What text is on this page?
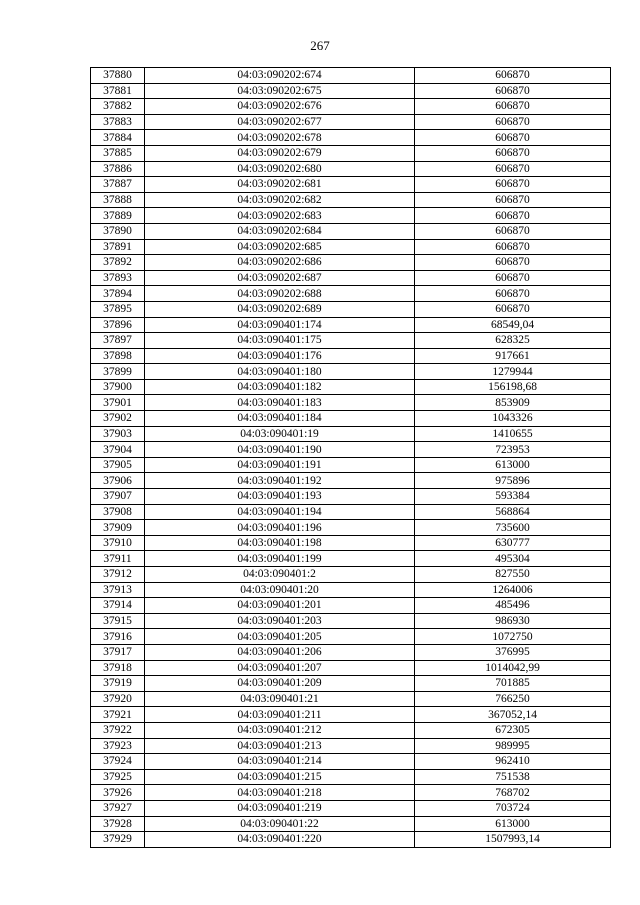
267
37880	04:03:090202:674	606870
37881	04:03:090202:675	606870
37882	04:03:090202:676	606870
37883	04:03:090202:677	606870
37884	04:03:090202:678	606870
37885	04:03:090202:679	606870
37886	04:03:090202:680	606870
37887	04:03:090202:681	606870
37888	04:03:090202:682	606870
37889	04:03:090202:683	606870
37890	04:03:090202:684	606870
37891	04:03:090202:685	606870
37892	04:03:090202:686	606870
37893	04:03:090202:687	606870
37894	04:03:090202:688	606870
37895	04:03:090202:689	606870
37896	04:03:090401:174	68549,04
37897	04:03:090401:175	628325
37898	04:03:090401:176	917661
37899	04:03:090401:180	1279944
37900	04:03:090401:182	156198,68
37901	04:03:090401:183	853909
37902	04:03:090401:184	1043326
37903	04:03:090401:19	1410655
37904	04:03:090401:190	723953
37905	04:03:090401:191	613000
37906	04:03:090401:192	975896
37907	04:03:090401:193	593384
37908	04:03:090401:194	568864
37909	04:03:090401:196	735600
37910	04:03:090401:198	630777
37911	04:03:090401:199	495304
37912	04:03:090401:2	827550
37913	04:03:090401:20	1264006
37914	04:03:090401:201	485496
37915	04:03:090401:203	986930
37916	04:03:090401:205	1072750
37917	04:03:090401:206	376995
37918	04:03:090401:207	1014042,99
37919	04:03:090401:209	701885
37920	04:03:090401:21	766250
37921	04:03:090401:211	367052,14
37922	04:03:090401:212	672305
37923	04:03:090401:213	989995
37924	04:03:090401:214	962410
37925	04:03:090401:215	751538
37926	04:03:090401:218	768702
37927	04:03:090401:219	703724
37928	04:03:090401:22	613000
37929	04:03:090401:220	1507993,14
